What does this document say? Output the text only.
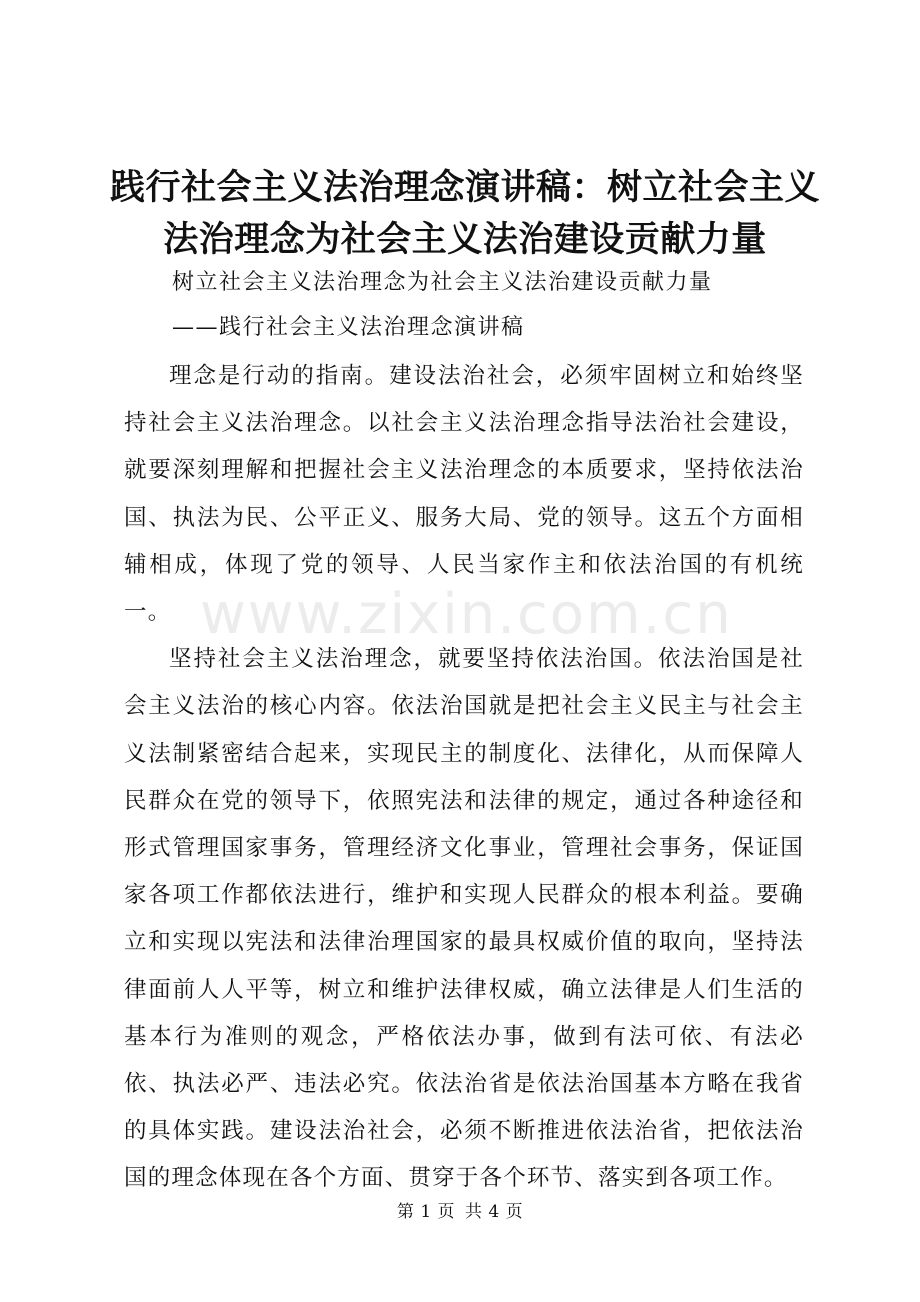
践行社会主义法治理念演讲稿：树立社会主义法治理念为社会主义法治建设贡献力量

树立社会主义法治理念为社会主义法治建设贡献力量

——践行社会主义法治理念演讲稿

理念是行动的指南。建设法治社会，必须牢固树立和始终坚持社会主义法治理念。以社会主义法治理念指导法治社会建设，就要深刻理解和把握社会主义法治理念的本质要求，坚持依法治国、执法为民、公平正义、服务大局、党的领导。这五个方面相辅相成，体现了党的领导、人民当家作主和依法治国的有机统一。

坚持社会主义法治理念，就要坚持依法治国。依法治国是社会主义法治的核心内容。依法治国就是把社会主义民主与社会主义法制紧密结合起来，实现民主的制度化、法律化，从而保障人民群众在党的领导下，依照宪法和法律的规定，通过各种途径和形式管理国家事务，管理经济文化事业，管理社会事务，保证国家各项工作都依法进行，维护和实现人民群众的根本利益。要确立和实现以宪法和法律治理国家的最具权威价值的取向，坚持法律面前人人平等，树立和维护法律权威，确立法律是人们生活的基本行为准则的观念，严格依法办事，做到有法可依、有法必依、执法必严、违法必究。依法治省是依法治国基本方略在我省的具体实践。建设法治社会，必须不断推进依法治省，把依法治国的理念体现在各个方面、贯穿于各个环节、落实到各项工作。

www.zixin.com.cn
第 1 页 共 4 页
